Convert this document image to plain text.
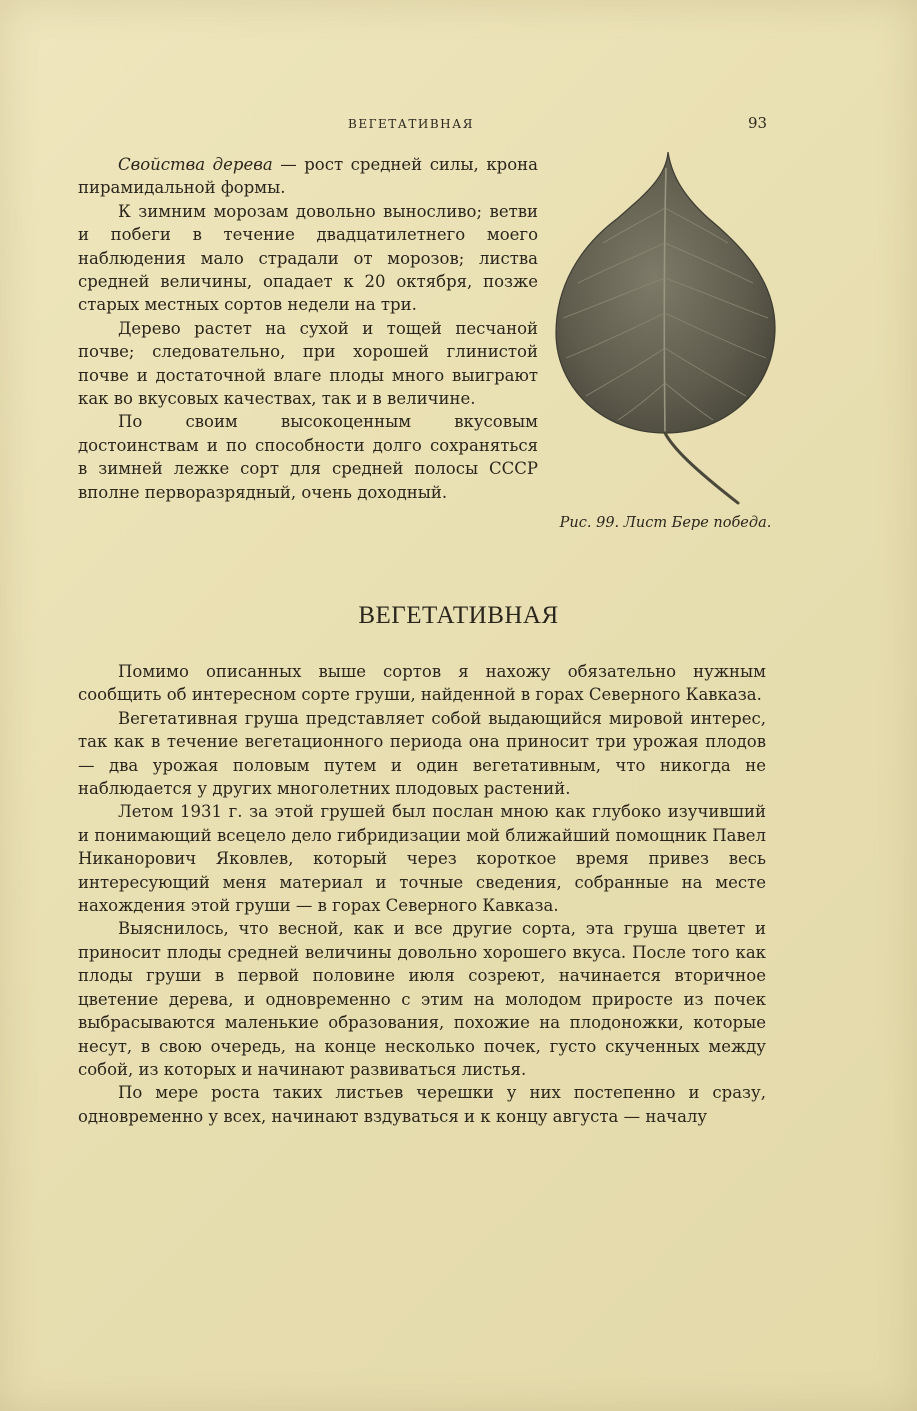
ВЕГЕТАТИВНАЯ	93

Свойства дерева — рост средней силы, крона пирамидальной формы.

К зимним морозам довольно выносливо; ветви и побеги в течение двадцатилетнего моего наблюдения мало страдали от морозов; листва средней величины, опадает к 20 октября, позже старых местных сортов недели на три.

Дерево растет на сухой и тощей песчаной почве; следовательно, при хорошей глинистой почве и достаточной влаге плоды много выиграют как во вкусовых качествах, так и в величине.

По своим высокоценным вкусовым достоинствам и по способности долго сохраняться в зимней лежке сорт для средней полосы СССР вполне перворазрядный, очень доходный.

Рис. 99. Лист Бере победа.
ВЕГЕТАТИВНАЯ

Помимо описанных выше сортов я нахожу обязательно нужным сообщить об интересном сорте груши, найденной в горах Северного Кавказа.

Вегетативная груша представляет собой выдающийся мировой интерес, так как в течение вегетационного периода она приносит три урожая плодов — два урожая половым путем и один вегетативным, что никогда не наблюдается у других многолетних плодовых растений.

Летом 1931 г. за этой грушей был послан мною как глубоко изучивший и понимающий всецело дело гибридизации мой ближайший помощник Павел Никанорович Яковлев, который через короткое время привез весь интересующий меня материал и точные сведения, собранные на месте нахождения этой груши — в горах Северного Кавказа.

Выяснилось, что весной, как и все другие сорта, эта груша цветет и приносит плоды средней величины довольно хорошего вкуса. После того как плоды груши в первой половине июля созреют, начинается вторичное цветение дерева, и одновременно с этим на молодом приросте из почек выбрасываются маленькие образования, похожие на плодоножки, которые несут, в свою очередь, на конце несколько почек, густо скученных между собой, из которых и начинают развиваться листья.

По мере роста таких листьев черешки у них постепенно и сразу, одновременно у всех, начинают вздуваться и к концу августа — началу
